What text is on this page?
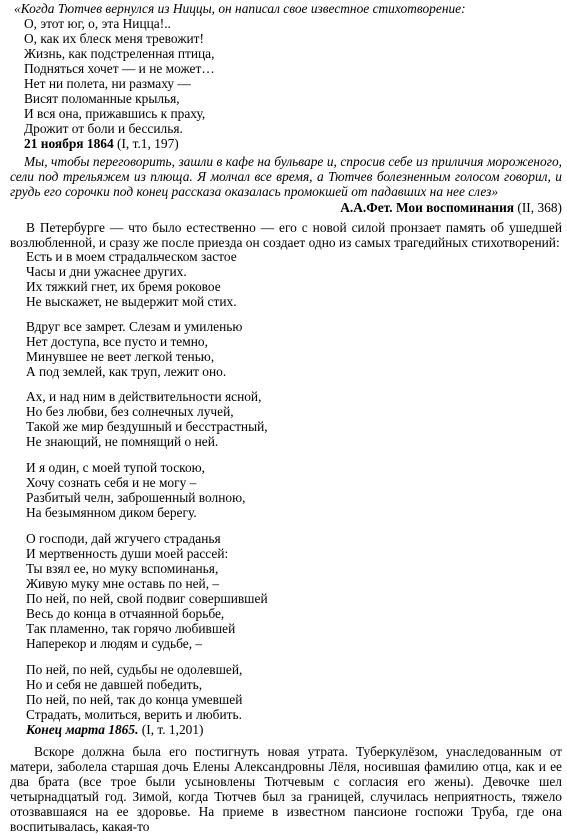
«Когда Тютчев вернулся из Ниццы, он написал свое известное стихотворение:
О, этот юг, о, эта Ницца!..
О, как их блеск меня тревожит!
Жизнь, как подстреленная птица,
Подняться хочет — и не может…
Нет ни полета, ни размаху —
Висят поломанные крылья,
И вся она, прижавшись к праху,
Дрожит от боли и бессилья.
21 ноября 1864 (I, т.1, 197)
Мы, чтобы переговорить, зашли в кафе на бульваре и, спросив себе из приличия мороженого, сели под трельяжем из плюща. Я молчал все время, а Тютчев болезненным голосом говорил, и грудь его сорочки под конец рассказа оказалась промокшей от падавших на нее слез»
А.А.Фет. Мои воспоминания (II, 368)
В Петербурге — что было естественно — его с новой силой пронзает память об ушедшей возлюбленной, и сразу же после приезда он создает одно из самых трагедийных стихотворений:
Есть и в моем страдальческом застое
Часы и дни ужаснее других.
Их тяжкий гнет, их бремя роковое
Не выскажет, не выдержит мой стих.
Вдруг все замрет. Слезам и умиленью
Нет доступа, все пусто и темно,
Минувшее не веет легкой тенью,
А под землей, как труп, лежит оно.
Ах, и над ним в действительности ясной,
Но без любви, без солнечных лучей,
Такой же мир бездушный и бесстрастный,
Не знающий, не помнящий о ней.
И я один, с моей тупой тоскою,
Хочу сознать себя и не могу –
Разбитый челн, заброшенный волною,
На безымянном диком берегу.
О господи, дай жгучего страданья
И мертвенность души моей рассей:
Ты взял ее, но муку вспоминанья,
Живую муку мне оставь по ней, –
По ней, по ней, свой подвиг совершившей
Весь до конца в отчаянной борьбе,
Так пламенно, так горячо любившей
Наперекор и людям и судьбе, –
По ней, по ней, судьбы не одолевшей,
Но и себя не давшей победить,
По ней, по ней, так до конца умевшей
Страдать, молиться, верить и любить.
Конец марта 1865. (I, т. 1,201)
Вскоре должна была его постигнуть новая утрата. Туберкулёзом, унаследованным от матери, заболела старшая дочь Елены Александровны Лёля, носившая фамилию отца, как и ее два брата (все трое были усыновлены Тютчевым с согласия его жены). Девочке шел четырнадцатый год. Зимой, когда Тютчев был за границей, случилась неприятность, тяжело отозвавшаяся на ее здоровье. На приеме в известном пансионе госпожи Труба, где она воспитывалась, какая-то
